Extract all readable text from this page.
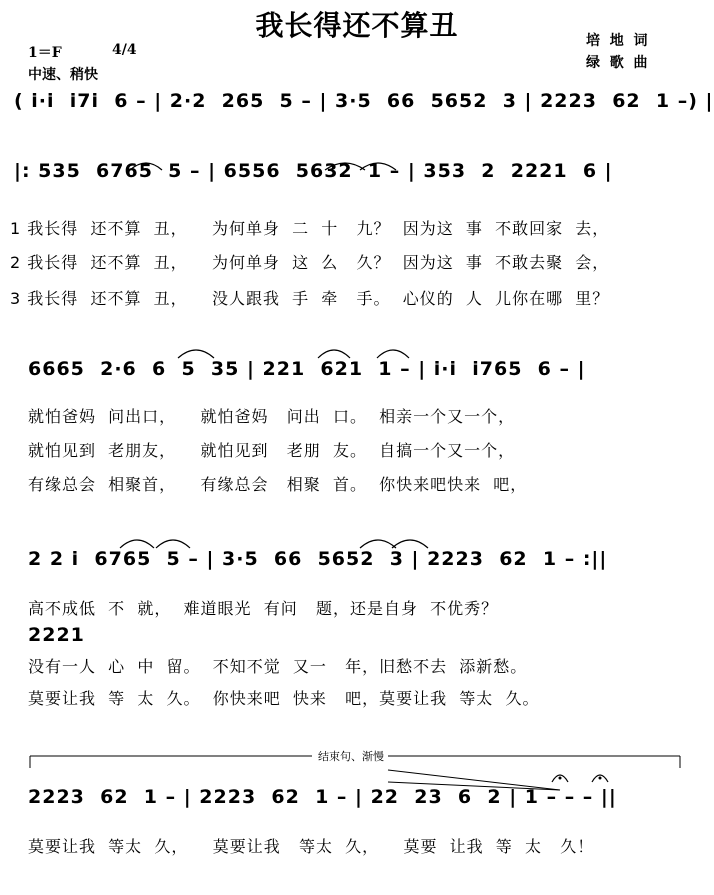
我长得还不算丑	培  地  词
绿  歌  曲
1＝F	4/4
中速、稍快
( i·i  i7i  6 – | 2·2  265  5 – | 3·5  66  5652  3 | 2223  62  1 –) |
|: 535  6765  5 – | 6556  5632  1 – | 353  2  2221  6 |
1 我长得  还不算  丑，    为何单身  二  十   九？  因为这  事  不敢回家  去，
2 我长得  还不算  丑，    为何单身  这  么   久？  因为这  事  不敢去聚  会，
3 我长得  还不算  丑，    没人跟我  手  牵   手。  心仪的  人  儿你在哪  里？
6665  2·6  6  5  35 | 221  621  1 – | i·i  i765  6 – |
就怕爸妈  问出口，    就怕爸妈   问出  口。  相亲一个又一个，
就怕见到  老朋友，    就怕见到   老朋  友。  自搞一个又一个，
有缘总会  相聚首，    有缘总会   相聚  首。  你快来吧快来  吧，
2 2 i  6765  5 – | 3·5  66  5652  3 | 2223  62  1 – :||
高不成低  不  就，  难道眼光  有问   题，还是自身  不优秀？
2221
没有一人  心  中  留。  不知不觉  又一   年，旧愁不去  添新愁。
莫要让我  等  太  久。  你快来吧  快来   吧，莫要让我  等太  久。
结束句、渐慢
2223  62  1 – | 2223  62  1 – | 22  23  6  2 | 1 – – – ||
莫要让我  等太  久，    莫要让我   等太  久，    莫要  让我  等  太   久！
